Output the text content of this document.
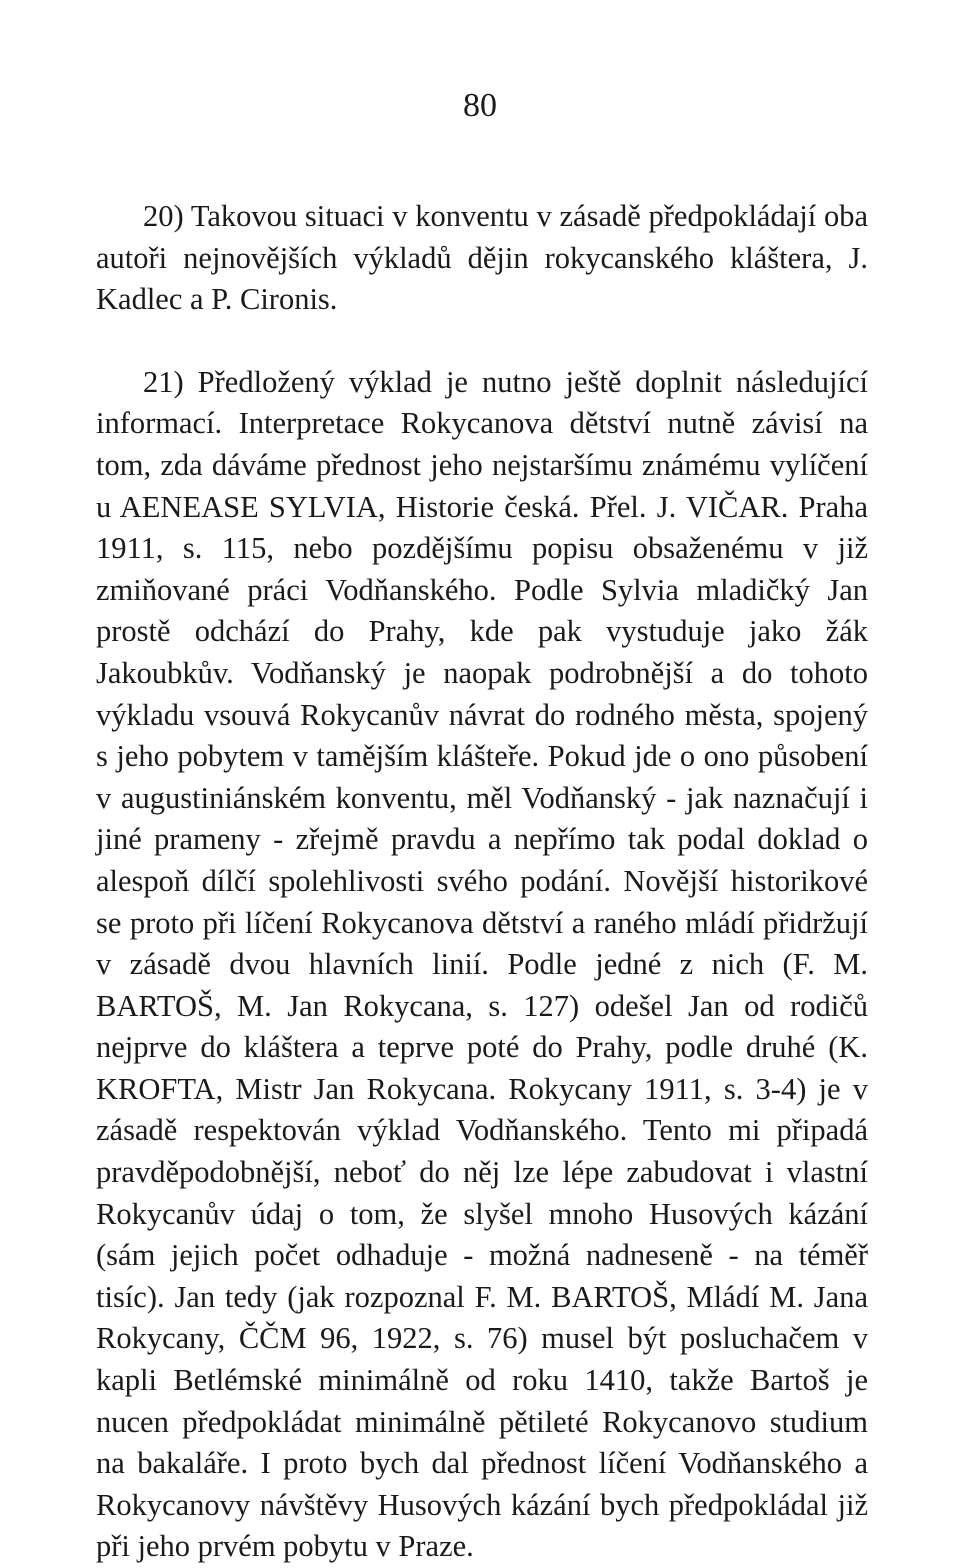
80

20) Takovou situaci v konventu v zásadě předpokládají oba autoři nejnovějších výkladů dějin rokycanského kláštera, J. Kadlec a P. Cironis.

21) Předložený výklad je nutno ještě doplnit následující informací. Interpretace Rokycanova dětství nutně závisí na tom, zda dáváme přednost jeho nejstaršímu známému vylíčení u AENEASE SYLVIA, Historie česká. Přel. J. VIČAR. Praha 1911, s. 115, nebo pozdějšímu popisu obsaženému v již zmiňované práci Vodňanského. Podle Sylvia mladičký Jan prostě odchází do Prahy, kde pak vystuduje jako žák Jakoubkův. Vodňanský je naopak podrobnější a do tohoto výkladu vsouvá Rokycanův návrat do rodného města, spojený s jeho pobytem v tamějším klášteře. Pokud jde o ono působení v augustiniánském konventu, měl Vodňanský - jak naznačují i jiné prameny - zřejmě pravdu a nepřímo tak podal doklad o alespoň dílčí spolehlivosti svého podání. Novější historikové se proto při líčení Rokycanova dětství a raného mládí přidržují v zásadě dvou hlavních linií. Podle jedné z nich (F. M. BARTOŠ, M. Jan Rokycana, s. 127) odešel Jan od rodičů nejprve do kláštera a teprve poté do Prahy, podle druhé (K. KROFTA, Mistr Jan Rokycana. Rokycany 1911, s. 3-4) je v zásadě respektován výklad Vodňanského. Tento mi připadá pravděpodobnější, neboť do něj lze lépe zabudovat i vlastní Rokycanův údaj o tom, že slyšel mnoho Husových kázání (sám jejich počet odhaduje - možná nadneseně - na téměř tisíc). Jan tedy (jak rozpoznal F. M. BARTOŠ, Mládí M. Jana Rokycany, ČČM 96, 1922, s. 76) musel být posluchačem v kapli Betlémské minimálně od roku 1410, takže Bartoš je nucen předpokládat minimálně pětileté Rokycanovo studium na bakaláře. I proto bych dal přednost líčení Vodňanského a Rokycanovy návštěvy Husových kázání bych předpokládal již při jeho prvém pobytu v Praze.
